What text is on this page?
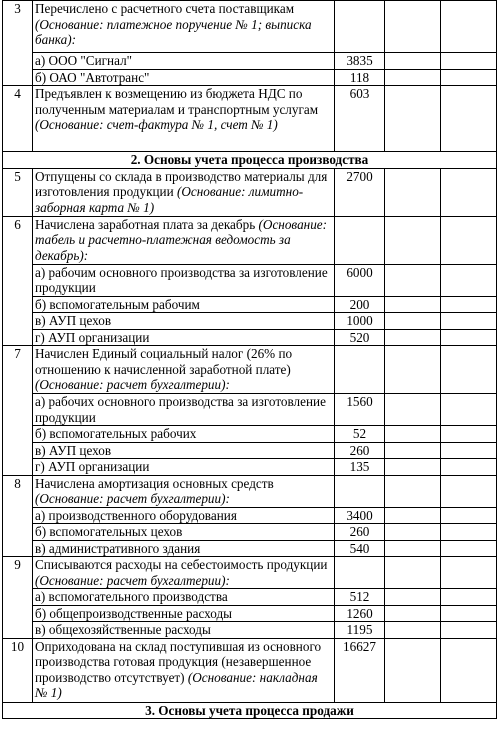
3	Перечислено с расчетного счета поставщикам (Основание: платежное поручение № 1; выписка банка):			
	а) ООО "Сигнал"	3835		
	б) ОАО "Автотранс"	118		
4	Предъявлен к возмещению из бюджета НДС по полученным материалам и транспортным услугам (Основание: счет-фактура № 1, счет № 1)	603		
2. Основы учета процесса производства				
5	Отпущены со склада в производство материалы для изготовления продукции (Основание: лимитно-заборная карта № 1)	2700		
6	Начислена заработная плата за декабрь (Основание: табель и расчетно-платежная ведомость за декабрь):			
	а) рабочим основного производства за изготовление продукции	6000		
	б) вспомогательным рабочим	200		
	в) АУП цехов	1000		
	г) АУП организации	520		
7	Начислен Единый социальный налог (26% по отношению к начисленной заработной плате) (Основание: расчет бухгалтерии):			
	а) рабочих основного производства за изготовление продукции	1560		
	б) вспомогательных рабочих	52		
	в) АУП цехов	260		
	г) АУП организации	135		
8	Начислена амортизация основных средств (Основание: расчет бухгалтерии):			
	а) производственного оборудования	3400		
	б) вспомогательных цехов	260		
	в) административного здания	540		
9	Списываются расходы на себестоимость продукции (Основание: расчет бухгалтерии):			
	а) вспомогательного производства	512		
	б) общепроизводственные расходы	1260		
	в) общехозяйственные расходы	1195		
10	Оприходована на склад поступившая из основного производства готовая продукция (незавершенное производство отсутствует) (Основание: накладная № 1)	16627		
3. Основы учета процесса продажи				
